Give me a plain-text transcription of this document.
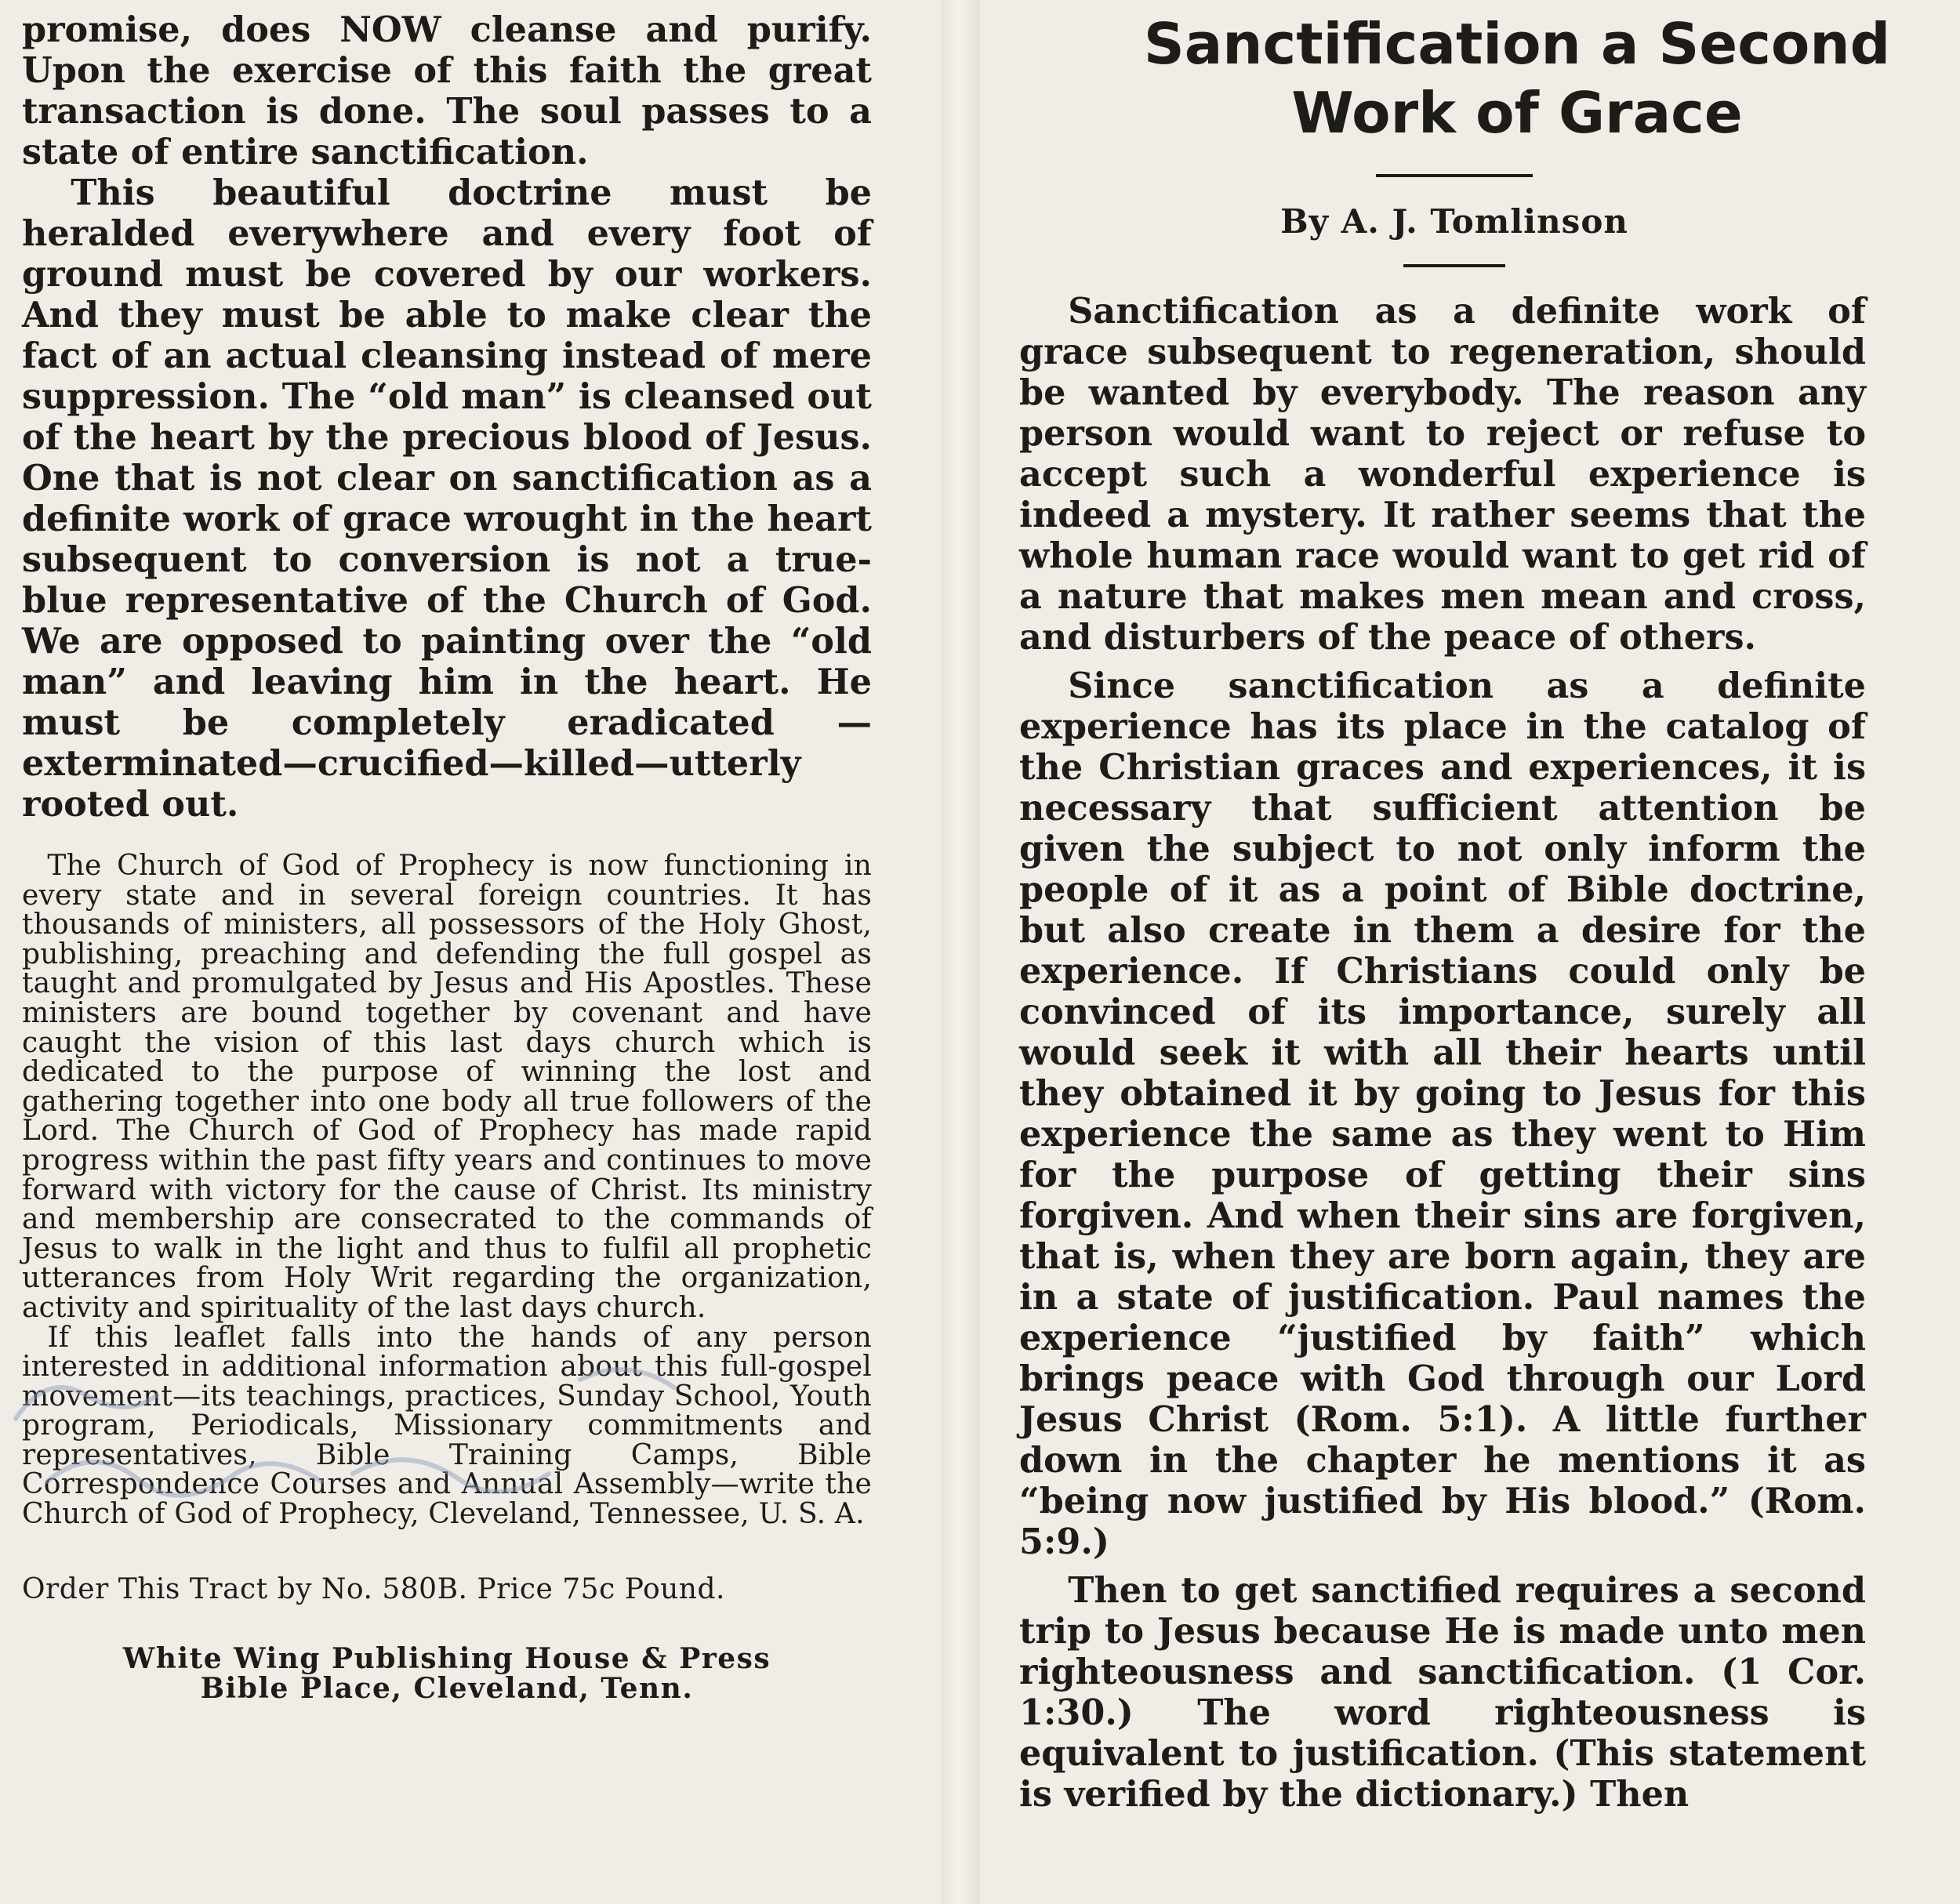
promise, does NOW cleanse and purify. Upon the exercise of this faith the great transaction is done. The soul passes to a state of entire sanctification.

This beautiful doctrine must be heralded everywhere and every foot of ground must be covered by our workers. And they must be able to make clear the fact of an actual cleansing instead of mere suppression. The “old man” is cleansed out of the heart by the precious blood of Jesus. One that is not clear on sanctification as a definite work of grace wrought in the heart subsequent to conversion is not a true-blue representative of the Church of God. We are opposed to painting over the “old man” and leaving him in the heart. He must be completely eradicated — exterminated—crucified—killed—utterly rooted out.

The Church of God of Prophecy is now functioning in every state and in several foreign countries. It has thousands of ministers, all possessors of the Holy Ghost, publishing, preaching and defending the full gospel as taught and promulgated by Jesus and His Apostles. These ministers are bound together by covenant and have caught the vision of this last days church which is dedicated to the purpose of winning the lost and gathering together into one body all true followers of the Lord. The Church of God of Prophecy has made rapid progress within the past fifty years and continues to move forward with victory for the cause of Christ. Its ministry and membership are consecrated to the commands of Jesus to walk in the light and thus to fulfil all prophetic utterances from Holy Writ regarding the organization, activity and spirituality of the last days church.

If this leaflet falls into the hands of any person interested in additional information about this full-gospel movement—its teachings, practices, Sunday School, Youth program, Periodicals, Missionary commitments and representatives, Bible Training Camps, Bible Correspondence Courses and Annual Assembly—write the Church of God of Prophecy, Cleveland, Tennessee, U. S. A.

Order This Tract by No. 580B. Price 75c Pound.

White Wing Publishing House & Press
Bible Place, Cleveland, Tenn.
Sanctification a Second
Work of Grace

By A. J. Tomlinson

Sanctification as a definite work of grace subsequent to regeneration, should be wanted by everybody. The reason any person would want to reject or refuse to accept such a wonderful experience is indeed a mystery. It rather seems that the whole human race would want to get rid of a nature that makes men mean and cross, and disturbers of the peace of others.

Since sanctification as a definite experience has its place in the catalog of the Christian graces and experiences, it is necessary that sufficient attention be given the subject to not only inform the people of it as a point of Bible doctrine, but also create in them a desire for the experience. If Christians could only be convinced of its importance, surely all would seek it with all their hearts until they obtained it by going to Jesus for this experience the same as they went to Him for the purpose of getting their sins forgiven. And when their sins are forgiven, that is, when they are born again, they are in a state of justification. Paul names the experience “justified by faith” which brings peace with God through our Lord Jesus Christ (Rom. 5:1). A little further down in the chapter he mentions it as “being now justified by His blood.” (Rom. 5:9.)

Then to get sanctified requires a second trip to Jesus because He is made unto men righteousness and sanctification. (1 Cor. 1:30.) The word righteousness is equivalent to justification. (This statement is verified by the dictionary.) Then
